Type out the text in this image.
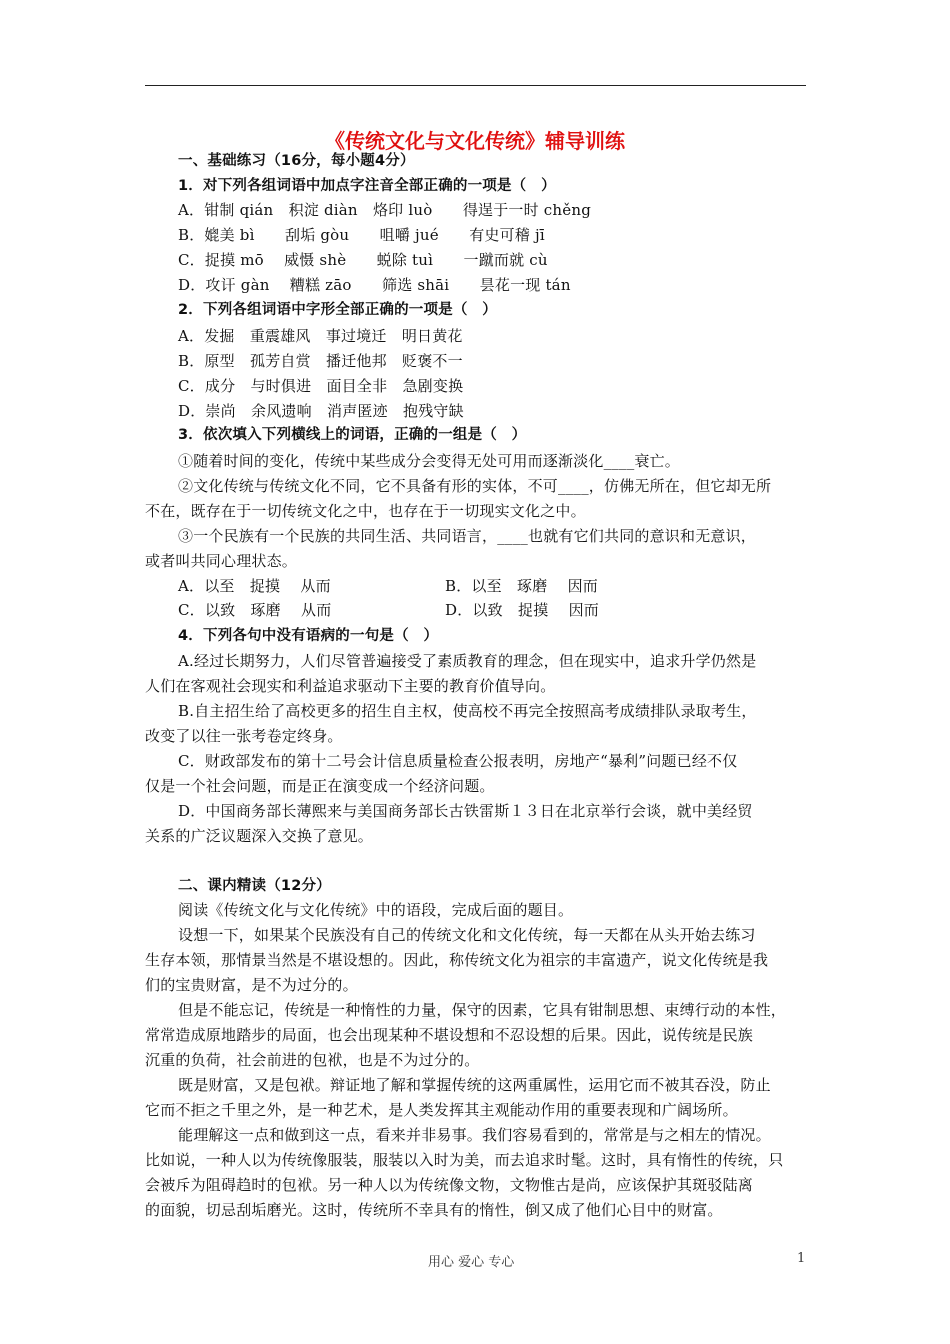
《传统文化与文化传统》辅导训练
一、基础练习（16分，每小题4分）
1．对下列各组词语中加点字注音全部正确的一项是（　）
A．钳制 qián　积淀 diàn　烙印 luò　　得逞于一时 chěng
B．媲美 bì　　刮垢 gòu　　咀嚼 jué　　有史可稽 jī
C．捉摸 mō　 威慑 shè　　蜕除 tuì　　一蹴而就 cù
D．攻讦 gàn　 糟糕 zāo　　筛选 shāi　　昙花一现 tán
2．下列各组词语中字形全部正确的一项是（　）
A．发掘　重震雄风　事过境迁　明日黄花
B．原型　孤芳自赏　播迁他邦　贬褒不一
C．成分　与时俱进　面目全非　急剧变换
D．崇尚　余风遗响　消声匿迹　抱残守缺
3．依次填入下列横线上的词语，正确的一组是（　）
①随着时间的变化，传统中某些成分会变得无处可用而逐渐淡化____衰亡。
②文化传统与传统文化不同，它不具备有形的实体，不可____，仿佛无所在，但它却无所
不在，既存在于一切传统文化之中，也存在于一切现实文化之中。
③一个民族有一个民族的共同生活、共同语言，____也就有它们共同的意识和无意识，
或者叫共同心理状态。
A．以至　捉摸　 从而	B．以至　琢磨　 因而
C．以致　琢磨　 从而	D．以致　捉摸　 因而
4．下列各句中没有语病的一句是（　）
A.经过长期努力，人们尽管普遍接受了素质教育的理念，但在现实中，追求升学仍然是
人们在客观社会现实和利益追求驱动下主要的教育价值导向。
B.自主招生给了高校更多的招生自主权，使高校不再完全按照高考成绩排队录取考生，
改变了以往一张考卷定终身。
C．财政部发布的第十二号会计信息质量检查公报表明，房地产“暴利”问题已经不仅
仅是一个社会问题，而是正在演变成一个经济问题。
D．中国商务部长薄熙来与美国商务部长古铁雷斯１３日在北京举行会谈，就中美经贸
关系的广泛议题深入交换了意见。
二、课内精读（12分）
阅读《传统文化与文化传统》中的语段，完成后面的题目。
设想一下，如果某个民族没有自己的传统文化和文化传统，每一天都在从头开始去练习
生存本领，那情景当然是不堪设想的。因此，称传统文化为祖宗的丰富遗产，说文化传统是我
们的宝贵财富，是不为过分的。
但是不能忘记，传统是一种惰性的力量，保守的因素，它具有钳制思想、束缚行动的本性，
常常造成原地踏步的局面，也会出现某种不堪设想和不忍设想的后果。因此，说传统是民族
沉重的负荷，社会前进的包袱，也是不为过分的。
既是财富，又是包袱。辩证地了解和掌握传统的这两重属性，运用它而不被其吞没，防止
它而不拒之千里之外，是一种艺术，是人类发挥其主观能动作用的重要表现和广阔场所。
能理解这一点和做到这一点，看来并非易事。我们容易看到的，常常是与之相左的情况。
比如说，一种人以为传统像服装，服装以入时为美，而去追求时髦。这时，具有惰性的传统，只
会被斥为阻碍趋时的包袱。另一种人以为传统像文物，文物惟古是尚，应该保护其斑驳陆离
的面貌，切忌刮垢磨光。这时，传统所不幸具有的惰性，倒又成了他们心目中的财富。
用心 爱心 专心	1
